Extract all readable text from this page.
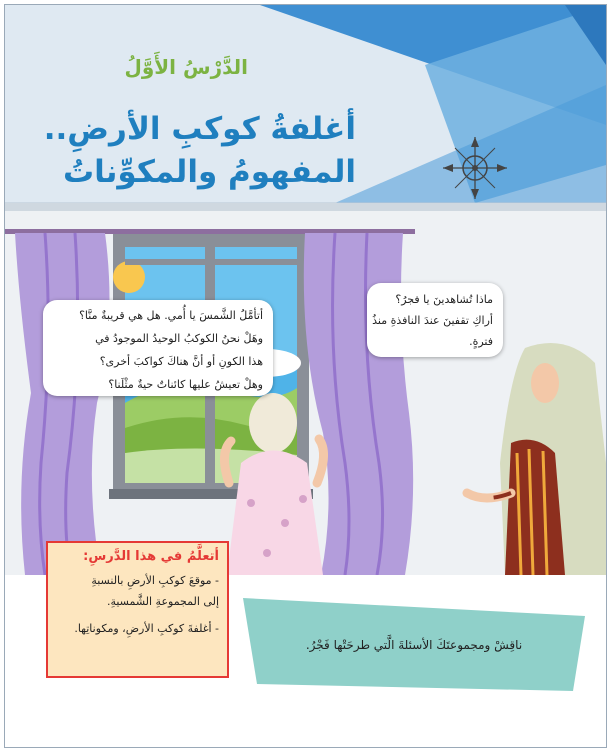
الدَّرْسُ الأَوَّلُ
أغلفةُ كوكبِ الأرضِ..
المفهومُ والمكوِّناتُ
أتأمَّلُ الشَّمسَ يا أُمي. هل هي قريبةٌ منَّا؟
وهَلْ نحنُ الكوكبُ الوحيدُ الموجودُ في
هذا الكونِ أو أنَّ هناكَ كواكبَ أخرى؟
وهلْ تعيشُ عليها كائناتٌ حيةٌ مثْلَنا؟
ماذا تُشاهدينَ يا فجرُ؟
أراكِ تقفينَ عندَ النافذةِ منذُ
فترةٍ.
أتعلَّمُ في هذا الدَّرسِ:
- موقعَ كوكبِ الأرضِ بالنسبةِ
إلى المجموعةِ الشَّمسيةِ.
- أغلفةَ كوكبِ الأرضِ، ومكوناتِها.
ناقِشْ ومجموعتَكَ الأسئلةَ الَّتي طرحَتْها فَجْرُ.
